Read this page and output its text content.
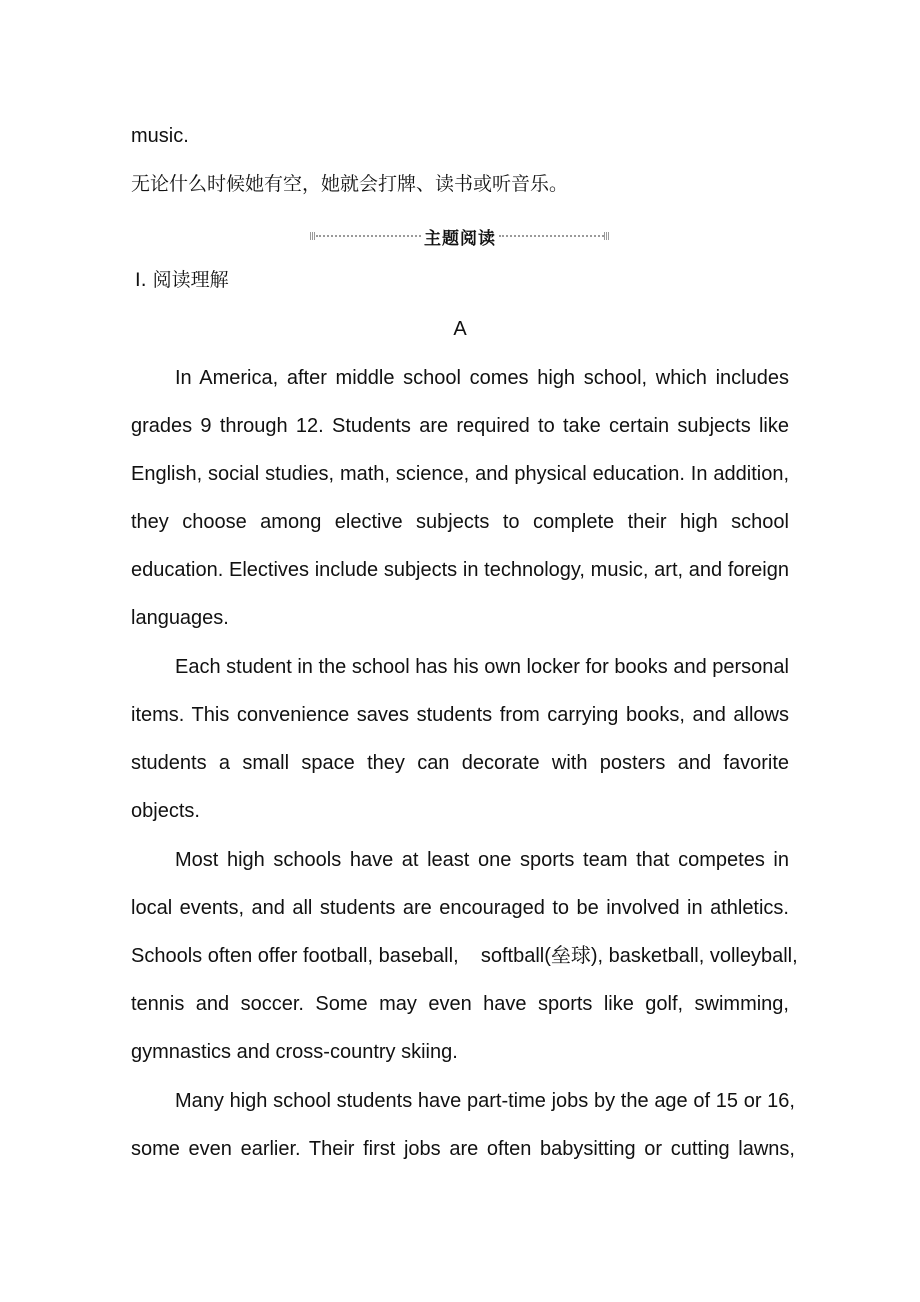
music.
无论什么时候她有空，她就会打牌、读书或听音乐。
主题阅读
Ⅰ. 阅读理解
A
In America, after middle school comes high school, which includes
grades 9 through 12. Students are required to take certain subjects like
English, social studies, math, science, and physical education. In addition,
they choose among elective subjects to complete their high school
education. Electives include subjects in technology, music, art, and foreign
languages.
Each student in the school has his own locker for books and personal
items. This convenience saves students from carrying books, and allows
students a small space they can decorate with posters and favorite
objects.
Most high schools have at least one sports team that competes in
local events, and all students are encouraged to be involved in athletics.
Schools often offer football, baseball,    softball(垒球), basketball, volleyball,
tennis and soccer. Some may even have sports like golf, swimming,
gymnastics and cross-country skiing.
Many high school students have part-time jobs by the age of 15 or 16,
some even earlier. Their first jobs are often babysitting or cutting lawns,
